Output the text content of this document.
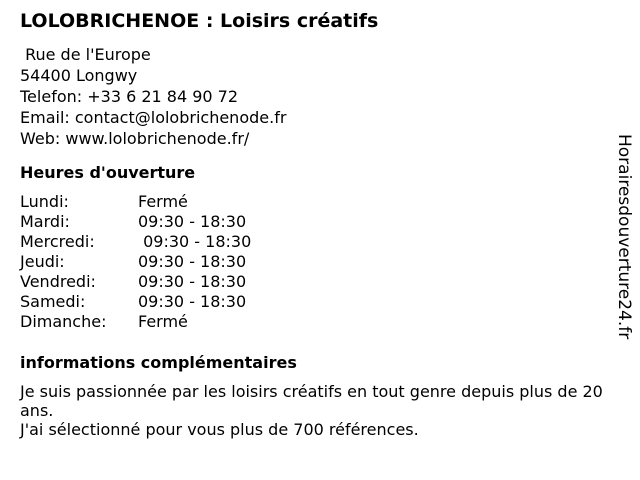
LOLOBRICHENOE : Loisirs créatifs
Rue de l'Europe
54400 Longwy
Telefon: +33 6 21 84 90 72
Email: contact@lolobrichenode.fr
Web: www.lolobrichenode.fr/
Heures d'ouverture
Lundi:	Fermé
Mardi:	09:30 - 18:30
Mercredi:	09:30 - 18:30
Jeudi:	09:30 - 18:30
Vendredi:	09:30 - 18:30
Samedi:	09:30 - 18:30
Dimanche:	Fermé
informations complémentaires

Je suis passionnée par les loisirs créatifs en tout genre depuis plus de 20 ans.

J'ai sélectionné pour vous plus de 700 références.

Horairesdouverture24.fr
